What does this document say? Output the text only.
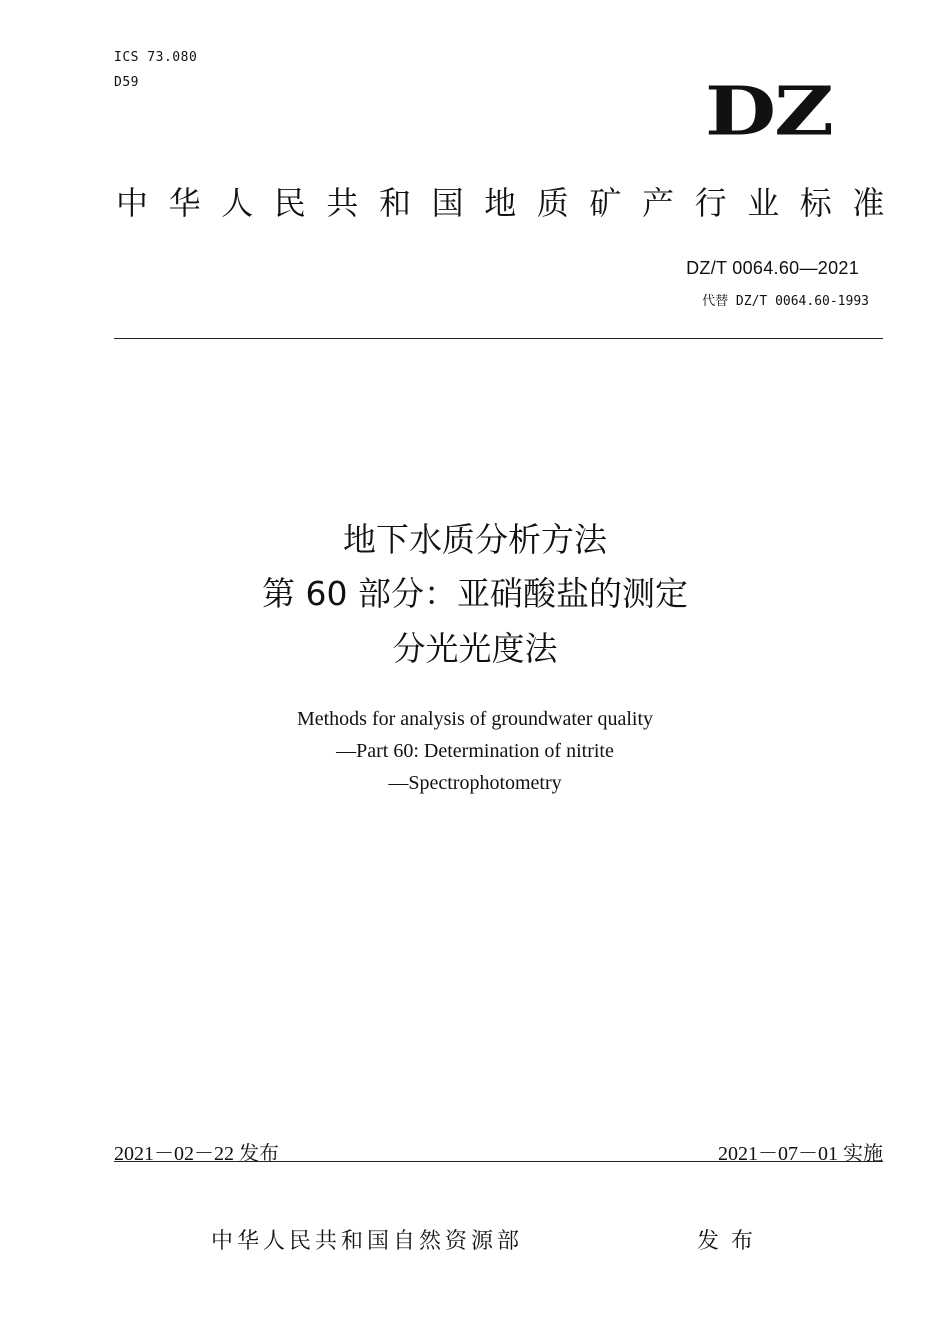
ICS 73.080
D59	DZ
中华人民共和国地质矿产行业标准
DZ/T 0064.60—2021
代替 DZ/T 0064.60-1993
地下水质分析方法
第 60 部分：亚硝酸盐的测定
分光光度法
Methods for analysis of groundwater quality
—Part 60: Determination of nitrite
—Spectrophotometry
2021－02－22 发布	2021－07－01 实施
中华人民共和国自然资源部	发布
